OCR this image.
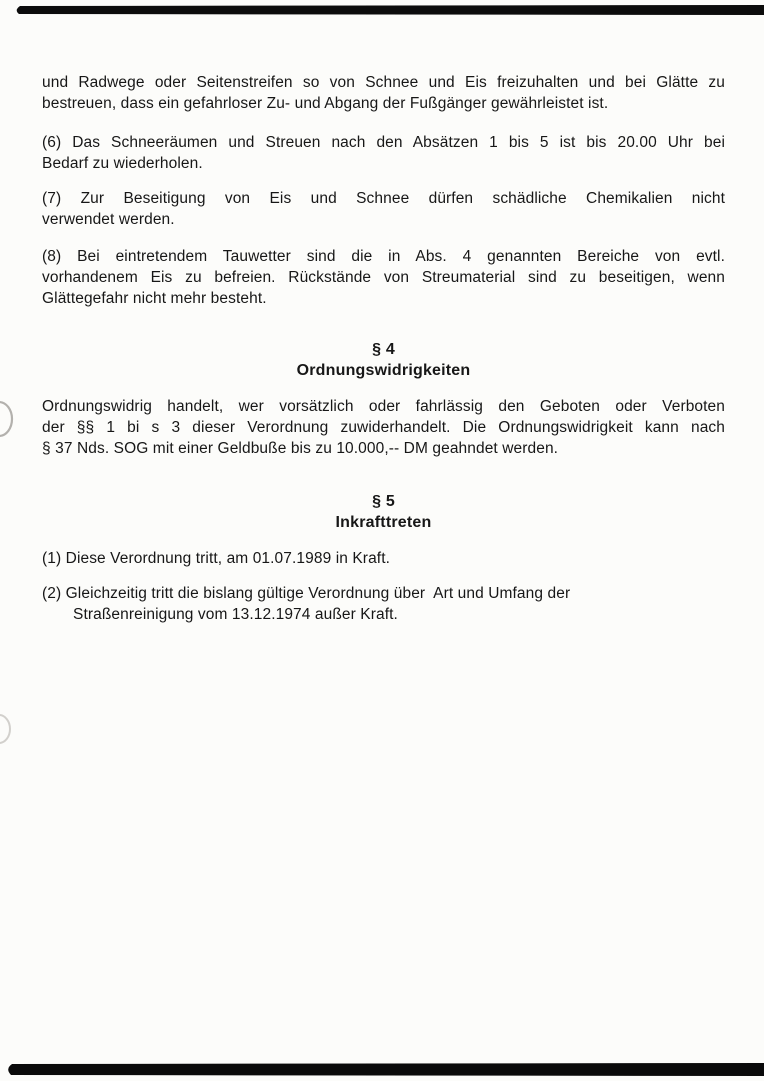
und Radwege oder Seitenstreifen so von Schnee und Eis freizuhalten und bei Glätte zu
bestreuen, dass ein gefahrloser Zu- und Abgang der Fußgänger gewährleistet ist.

(6) Das Schneeräumen und Streuen nach den Absätzen 1 bis 5 ist bis 20.00 Uhr bei
Bedarf zu wiederholen.

(7) Zur Beseitigung von Eis und Schnee dürfen schädliche Chemikalien nicht
verwendet werden.

(8) Bei eintretendem Tauwetter sind die in Abs. 4 genannten Bereiche von evtl.
vorhandenem Eis zu befreien. Rückstände von Streumaterial sind zu beseitigen, wenn
Glättegefahr nicht mehr besteht.

§ 4
Ordnungswidrigkeiten

Ordnungswidrig handelt, wer vorsätzlich oder fahrlässig den Geboten oder Verboten
der §§ 1 bi s 3 dieser Verordnung zuwiderhandelt. Die Ordnungswidrigkeit kann nach
§ 37 Nds. SOG mit einer Geldbuße bis zu 10.000,-- DM geahndet werden.

§ 5
Inkrafttreten

(1) Diese Verordnung tritt, am 01.07.1989 in Kraft.

(2) Gleichzeitig tritt die bislang gültige Verordnung über  Art und Umfang der
Straßenreinigung vom 13.12.1974 außer Kraft.
